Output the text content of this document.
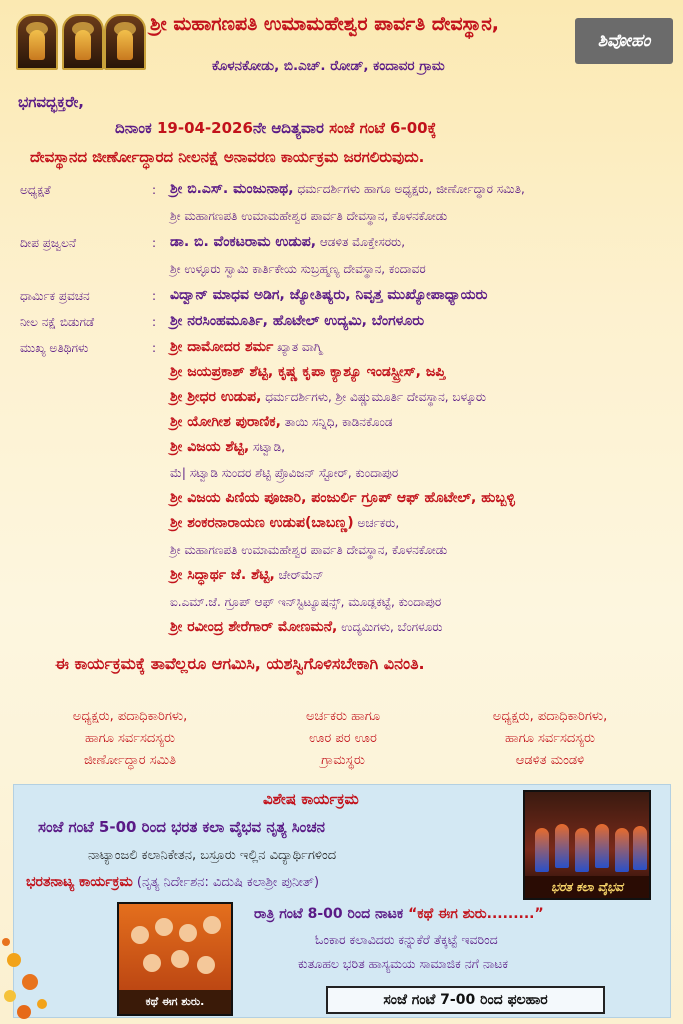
ಶ್ರೀ ಮಹಾಗಣಪತಿ ಉಮಾಮಹೇಶ್ವರ ಪಾರ್ವತಿ ದೇವಸ್ಥಾನ,
ಕೊಳನಕೋಡು, ಬಿ.ಎಚ್. ರೋಡ್, ಕಂದಾವರ ಗ್ರಾಮ
ಶಿವೋಹಂ
ಭಗವದ್ಭಕ್ತರೇ,
ದಿನಾಂಕ 19-04-2026ನೇ ಆದಿತ್ಯವಾರ ಸಂಜೆ ಗಂಟೆ 6-00ಕ್ಕೆ
ದೇವಸ್ಥಾನದ ಜೀರ್ಣೋದ್ಧಾರದ ನೀಲನಕ್ಷೆ ಅನಾವರಣ ಕಾರ್ಯಕ್ರಮ ಜರಗಲಿರುವುದು.
ಅಧ್ಯಕ್ಷತೆ	: ಶ್ರೀ ಬಿ.ಎಸ್. ಮಂಜುನಾಥ, ಧರ್ಮದರ್ಶಿಗಳು ಹಾಗೂ ಅಧ್ಯಕ್ಷರು, ಜೀರ್ಣೋದ್ಧಾರ ಸಮಿತಿ,
ಶ್ರೀ ಮಹಾಗಣಪತಿ ಉಮಾಮಹೇಶ್ವರ ಪಾರ್ವತಿ ದೇವಸ್ಥಾನ, ಕೊಳನಕೋಡು
ದೀಪ ಪ್ರಜ್ವಲನೆ	: ಡಾ. ಬಿ. ವೆಂಕಟರಾಮ ಉಡುಪ, ಆಡಳಿತ ಮೊಕ್ತೇಸರರು,
ಶ್ರೀ ಉಳ್ಳೂರು ಸ್ವಾಮಿ ಕಾರ್ತಿಕೇಯ ಸುಬ್ರಹ್ಮಣ್ಯ ದೇವಸ್ಥಾನ, ಕಂದಾವರ
ಧಾರ್ಮಿಕ ಪ್ರವಚನ	: ವಿದ್ವಾನ್ ಮಾಧವ ಅಡಿಗ, ಜ್ಯೋತಿಷ್ಯರು, ನಿವೃತ್ತ ಮುಖ್ಯೋಪಾಧ್ಯಾಯರು
ನೀಲ ನಕ್ಷೆ ಬಿಡುಗಡೆ	: ಶ್ರೀ ನರಸಿಂಹಮೂರ್ತಿ, ಹೊಟೇಲ್ ಉದ್ಯಮಿ, ಬೆಂಗಳೂರು
ಮುಖ್ಯ ಅತಿಥಿಗಳು	: ಶ್ರೀ ದಾಮೋದರ ಶರ್ಮ ಖ್ಯಾತ ವಾಗ್ಮಿ
ಶ್ರೀ ಜಯಪ್ರಕಾಶ್ ಶೆಟ್ಟಿ, ಕೃಷ್ಣ ಕೃಪಾ ಕ್ಯಾಶ್ಯೂ ಇಂಡಸ್ಟ್ರೀಸ್, ಜಪ್ತಿ
ಶ್ರೀ ಶ್ರೀಧರ ಉಡುಪ, ಧರ್ಮದರ್ಶಿಗಳು, ಶ್ರೀ ವಿಷ್ಣುಮೂರ್ತಿ ದೇವಸ್ಥಾನ, ಬಳ್ಕೂರು
ಶ್ರೀ ಯೋಗೀಶ ಪುರಾಣಿಕ, ತಾಯಿ ಸನ್ನಿಧಿ, ಕಾಡಿನಕೊಂಡ
ಶ್ರೀ ವಿಜಯ ಶೆಟ್ಟಿ, ಸಟ್ವಾಡಿ,
ಮೆ| ಸಟ್ವಾಡಿ ಸುಂದರ ಶೆಟ್ಟಿ ಪ್ರೊವಿಜನ್ ಸ್ಟೋರ್, ಕುಂದಾಪುರ
ಶ್ರೀ ವಿಜಯ ಪಿಣಿಯ ಪೂಜಾರಿ, ಪಂಜುರ್ಲಿ ಗ್ರೂಪ್ ಆಫ್ ಹೊಟೇಲ್, ಹುಬ್ಬಳ್ಳಿ
ಶ್ರೀ ಶಂಕರನಾರಾಯಣ ಉಡುಪ(ಬಾಬಣ್ಣ) ಅರ್ಚಕರು,
ಶ್ರೀ ಮಹಾಗಣಪತಿ ಉಮಾಮಹೇಶ್ವರ ಪಾರ್ವತಿ ದೇವಸ್ಥಾನ, ಕೊಳನಕೋಡು
ಶ್ರೀ ಸಿದ್ಧಾರ್ಥ ಜೆ. ಶೆಟ್ಟಿ, ಚೇರ್‌ಮೆನ್
ಐ.ಎಮ್.ಜೆ. ಗ್ರೂಪ್ ಆಫ್ ಇನ್‌ಸ್ಟಿಟ್ಯೂಷನ್ಸ್, ಮೂಡ್ಲಕಟ್ಟೆ, ಕುಂದಾಪುರ
ಶ್ರೀ ರವೀಂದ್ರ ಶೇರೆಗಾರ್ ಮೋಣಮನೆ, ಉದ್ಯಮಿಗಳು, ಬೆಂಗಳೂರು
ಈ ಕಾರ್ಯಕ್ರಮಕ್ಕೆ ತಾವೆಲ್ಲರೂ ಆಗಮಿಸಿ, ಯಶಸ್ವಿಗೊಳಿಸಬೇಕಾಗಿ ವಿನಂತಿ.
ಅಧ್ಯಕ್ಷರು, ಪದಾಧಿಕಾರಿಗಳು,
ಹಾಗೂ ಸರ್ವಸದಸ್ಯರು
ಜೀರ್ಣೋದ್ಧಾರ ಸಮಿತಿ
ಅರ್ಚಕರು ಹಾಗೂ
ಊರ ಪರ ಊರ
ಗ್ರಾಮಸ್ಥರು
ಅಧ್ಯಕ್ಷರು, ಪದಾಧಿಕಾರಿಗಳು,
ಹಾಗೂ ಸರ್ವಸದಸ್ಯರು
ಆಡಳಿತ ಮಂಡಳಿ
ವಿಶೇಷ ಕಾರ್ಯಕ್ರಮ
ಸಂಜೆ ಗಂಟೆ 5-00 ರಿಂದ ಭರತ ಕಲಾ ವೈಭವ ನೃತ್ಯ ಸಿಂಚನ
ನಾಟ್ಯಾಂಜಲಿ ಕಲಾನಿಕೇತನ, ಬಸ್ರೂರು ಇಲ್ಲಿನ ವಿದ್ಯಾರ್ಥಿಗಳಿಂದ
ಭರತನಾಟ್ಯ ಕಾರ್ಯಕ್ರಮ (ನೃತ್ಯ ನಿರ್ದೇಶನ: ವಿದುಷಿ ಕಲಾಶ್ರೀ ಪುನೀತ್)	ಭರತ ಕಲಾ ವೈಭವ
ಕಥೆ ಈಗ ಶುರು.
ರಾತ್ರಿ ಗಂಟೆ 8-00 ರಿಂದ ನಾಟಕ “ಕಥೆ ಈಗ ಶುರು.........”
ಓಂಕಾರ ಕಲಾವಿದರು ಕನ್ನುಕೆರೆ ತೆಕ್ಕಟ್ಟೆ ಇವರಿಂದ
ಕುತೂಹಲ ಭರಿತ ಹಾಸ್ಯಮಯ ಸಾಮಾಜಿಕ ನಗೆ ನಾಟಕ
ಸಂಜೆ ಗಂಟೆ 7-00 ರಿಂದ ಫಲಹಾರ
